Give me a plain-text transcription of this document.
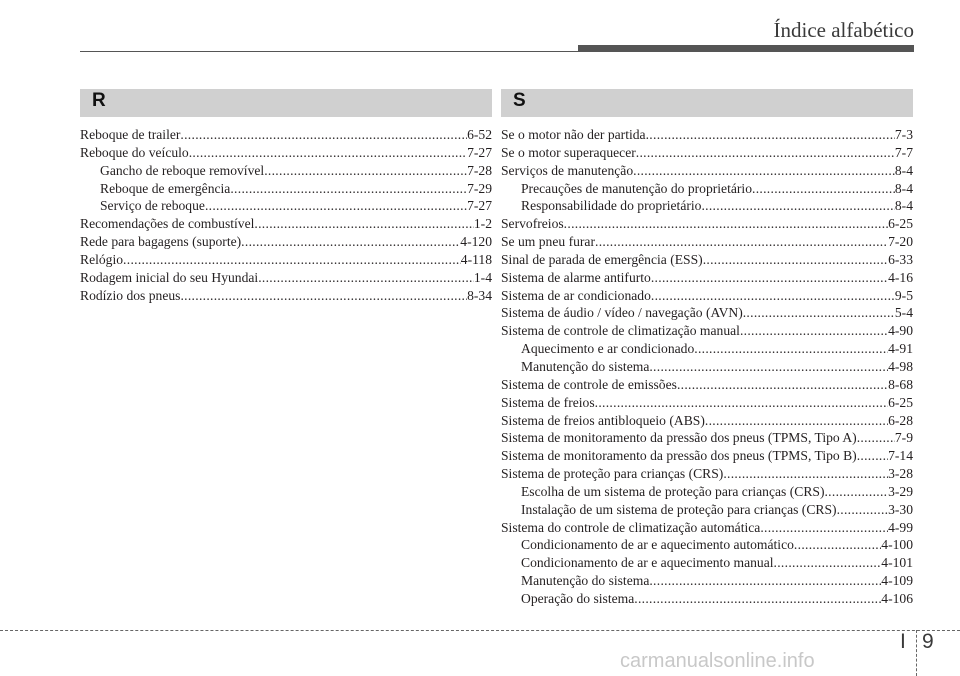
Índice alfabético
R
Reboque de trailer .....	6-52
Reboque do veículo .....	7-27
Gancho de reboque removível .....	7-28
Reboque de emergência .....	7-29
Serviço de reboque .....	7-27
Recomendações de combustível .....	1-2
Rede para bagagens (suporte) .....	4-120
Relógio .....	4-118
Rodagem inicial do seu Hyundai .....	1-4
Rodízio dos pneus .....	8-34
S
Se o motor não der partida .....	7-3
Se o motor superaquecer .....	7-7
Serviços de manutenção .....	8-4
Precauções de manutenção do proprietário .....	8-4
Responsabilidade do proprietário .....	8-4
Servofreios .....	6-25
Se um pneu furar .....	7-20
Sinal de parada de emergência (ESS) .....	6-33
Sistema de alarme antifurto .....	4-16
Sistema de ar condicionado .....	9-5
Sistema de áudio / vídeo / navegação (AVN) .....	5-4
Sistema de controle de climatização manual .....	4-90
Aquecimento e ar condicionado .....	4-91
Manutenção do sistema .....	4-98
Sistema de controle de emissões .....	8-68
Sistema de freios .....	6-25
Sistema de freios antibloqueio (ABS) .....	6-28
Sistema de monitoramento da pressão dos pneus (TPMS, Tipo A) .....	7-9
Sistema de monitoramento da pressão dos pneus (TPMS, Tipo B) ..... 7-14
Sistema de proteção para crianças (CRS) .....	3-28
Escolha de um sistema de proteção para crianças (CRS) .....	3-29
Instalação de um sistema de proteção para crianças (CRS) .....	3-30
Sistema do controle de climatização automática .....	4-99
Condicionamento de ar e aquecimento automático .....	4-100
Condicionamento de ar e aquecimento manual .....	4-101
Manutenção do sistema .....	4-109
Operação do sistema .....	4-106
I 9
carmanualsonline.info
